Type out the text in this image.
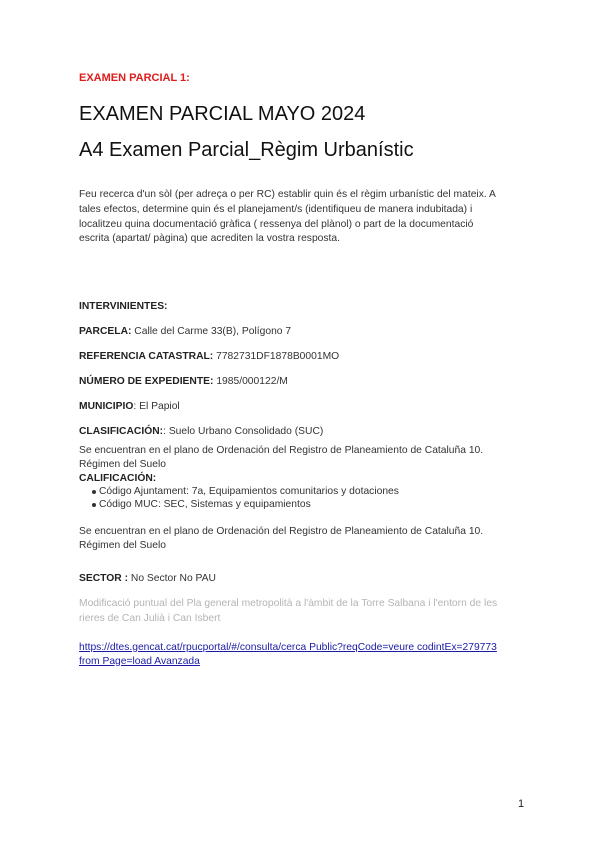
EXAMEN PARCIAL 1:
EXAMEN PARCIAL MAYO 2024
A4 Examen Parcial_Règim Urbanístic
Feu recerca d'un sòl (per adreça o per RC) establir quin és el règim urbanístic del mateix. A tales efectos, determine quin és el planejament/s (identifiqueu de manera indubitada) i localitzeu quina documentació gràfica ( ressenya del plànol) o part de la documentació escrita (apartat/ pàgina) que acrediten la vostra resposta.
INTERVINIENTES:
PARCELA: Calle del Carme 33(B), Polígono 7
REFERENCIA CATASTRAL: 7782731DF1878B0001MO
NÚMERO DE EXPEDIENTE: 1985/000122/M
MUNICIPIO: El Papiol
CLASIFICACIÓN:: Suelo Urbano Consolidado (SUC)
Se encuentran en el plano de Ordenación del Registro de Planeamiento de Cataluña 10. Régimen del Suelo
CALIFICACIÓN:
Código Ajuntament: 7a, Equipamientos comunitarios y dotaciones
Código MUC: SEC, Sistemas y equipamientos
Se encuentran en el plano de Ordenación del Registro de Planeamiento de Cataluña 10. Régimen del Suelo
SECTOR : No Sector No PAU
Modificació puntual del Pla general metropolità a l'àmbit de la Torre Salbana i l'entorn de les rieres de Can Julià i Can Isbert
https://dtes.gencat.cat/rpucportal/#/consulta/cerca Public?reqCode=veure codintEx=279773 from Page=load Avanzada
1
